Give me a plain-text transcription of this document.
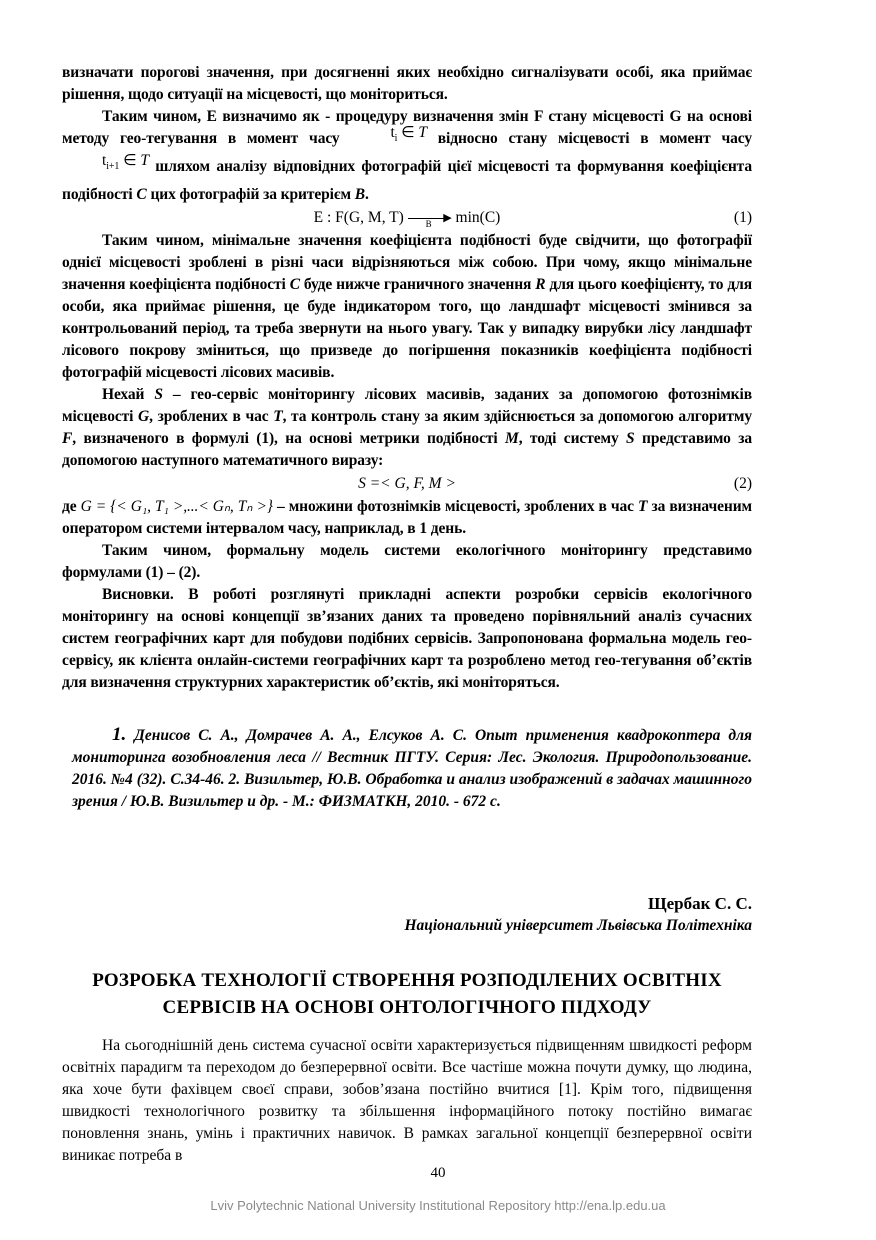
визначати порогові значення, при досягненні яких необхідно сигналізувати особі, яка приймає рішення, щодо ситуації на місцевості, що моніториться.

Таким чином, Е визначимо як - процедуру визначення змін F стану місцевості G на основі методу гео-тегування в момент часу	$t_i$ ∈ T відносно стану місцевості в момент часу $t_{i+1}$ ∈ T шляхом аналізу відповідних фотографій цієї місцевості та формування коефіцієнта подібності C цих фотографій за критерієм B.

E : F(G, M, T)	▶
B min(C)	(1)

Таким чином, мінімальне значення коефіцієнта подібності буде свідчити, що фотографії однієї місцевості зроблені в різні часи відрізняються між собою. При чому, якщо мінімальне значення коефіцієнта подібності C буде нижче граничного значення R для цього коефіцієнту, то для особи, яка приймає рішення, це буде індикатором того, що ландшафт місцевості змінився за контрольований період, та треба звернути на нього увагу. Так у випадку вирубки лісу ландшафт лісового покрову зміниться, що призведе до погіршення показників коефіцієнта подібності фотографій місцевості лісових масивів.

Нехай S – гео-сервіс моніторингу лісових масивів, заданих за допомогою фотознімків місцевості G, зроблених в час T, та контроль стану за яким здійснюється за допомогою алгоритму F, визначеного в формулі (1), на основі метрики подібності M, тоді систему S представимо за допомогою наступного математичного виразу:

S =< G, F, M >	(2)

де G = {< G₁, T₁ >,...< Gₙ, Tₙ >} – множини фотознімків місцевості, зроблених в час T за визначеним оператором системи інтервалом часу, наприклад, в 1 день.

Таким чином, формальну модель системи екологічного моніторингу представимо формулами (1) – (2).

Висновки. В роботі розглянуті прикладні аспекти розробки сервісів екологічного моніторингу на основі концепції зв’язаних даних та проведено порівняльний аналіз сучасних систем географічних карт для побудови подібних сервісів. Запропонована формальна модель гео-сервісу, як клієнта онлайн-системи географічних карт та розроблено метод гео-тегування об’єктів для визначення структурних характеристик об’єктів, які моніторяться.

1. Денисов С. А., Домрачев А. А., Елсуков А. С. Опыт применения квадрокоптера для мониторинга возобновления леса // Вестник ПГТУ. Серия: Лес. Экология. Природопользование. 2016. №4 (32). С.34-46. 2. Визильтер, Ю.В. Обработка и анализ изображений в задачах машинного зрения / Ю.В. Визильтер и др. - М.: ФИЗМАТКН, 2010. - 672 с.
Щербак С. С.
Національний університет Львівська Політехніка
РОЗРОБКА ТЕХНОЛОГІЇ СТВОРЕННЯ РОЗПОДІЛЕНИХ ОСВІТНІХ
СЕРВІСІВ НА ОСНОВІ ОНТОЛОГІЧНОГО ПІДХОДУ

На сьогоднішній день система сучасної освіти характеризується підвищенням швидкості реформ освітніх парадигм та переходом до безперервної освіти. Все частіше можна почути думку, що людина, яка хоче бути фахівцем своєї справи, зобов’язана постійно вчитися [1]. Крім того, підвищення швидкості технологічного розвитку та збільшення інформаційного потоку постійно вимагає поновлення знань, умінь і практичних навичок. В рамках загальної концепції безперервної освіти виникає потреба в

40
Lviv Polytechnic National University Institutional Repository http://ena.lp.edu.ua
